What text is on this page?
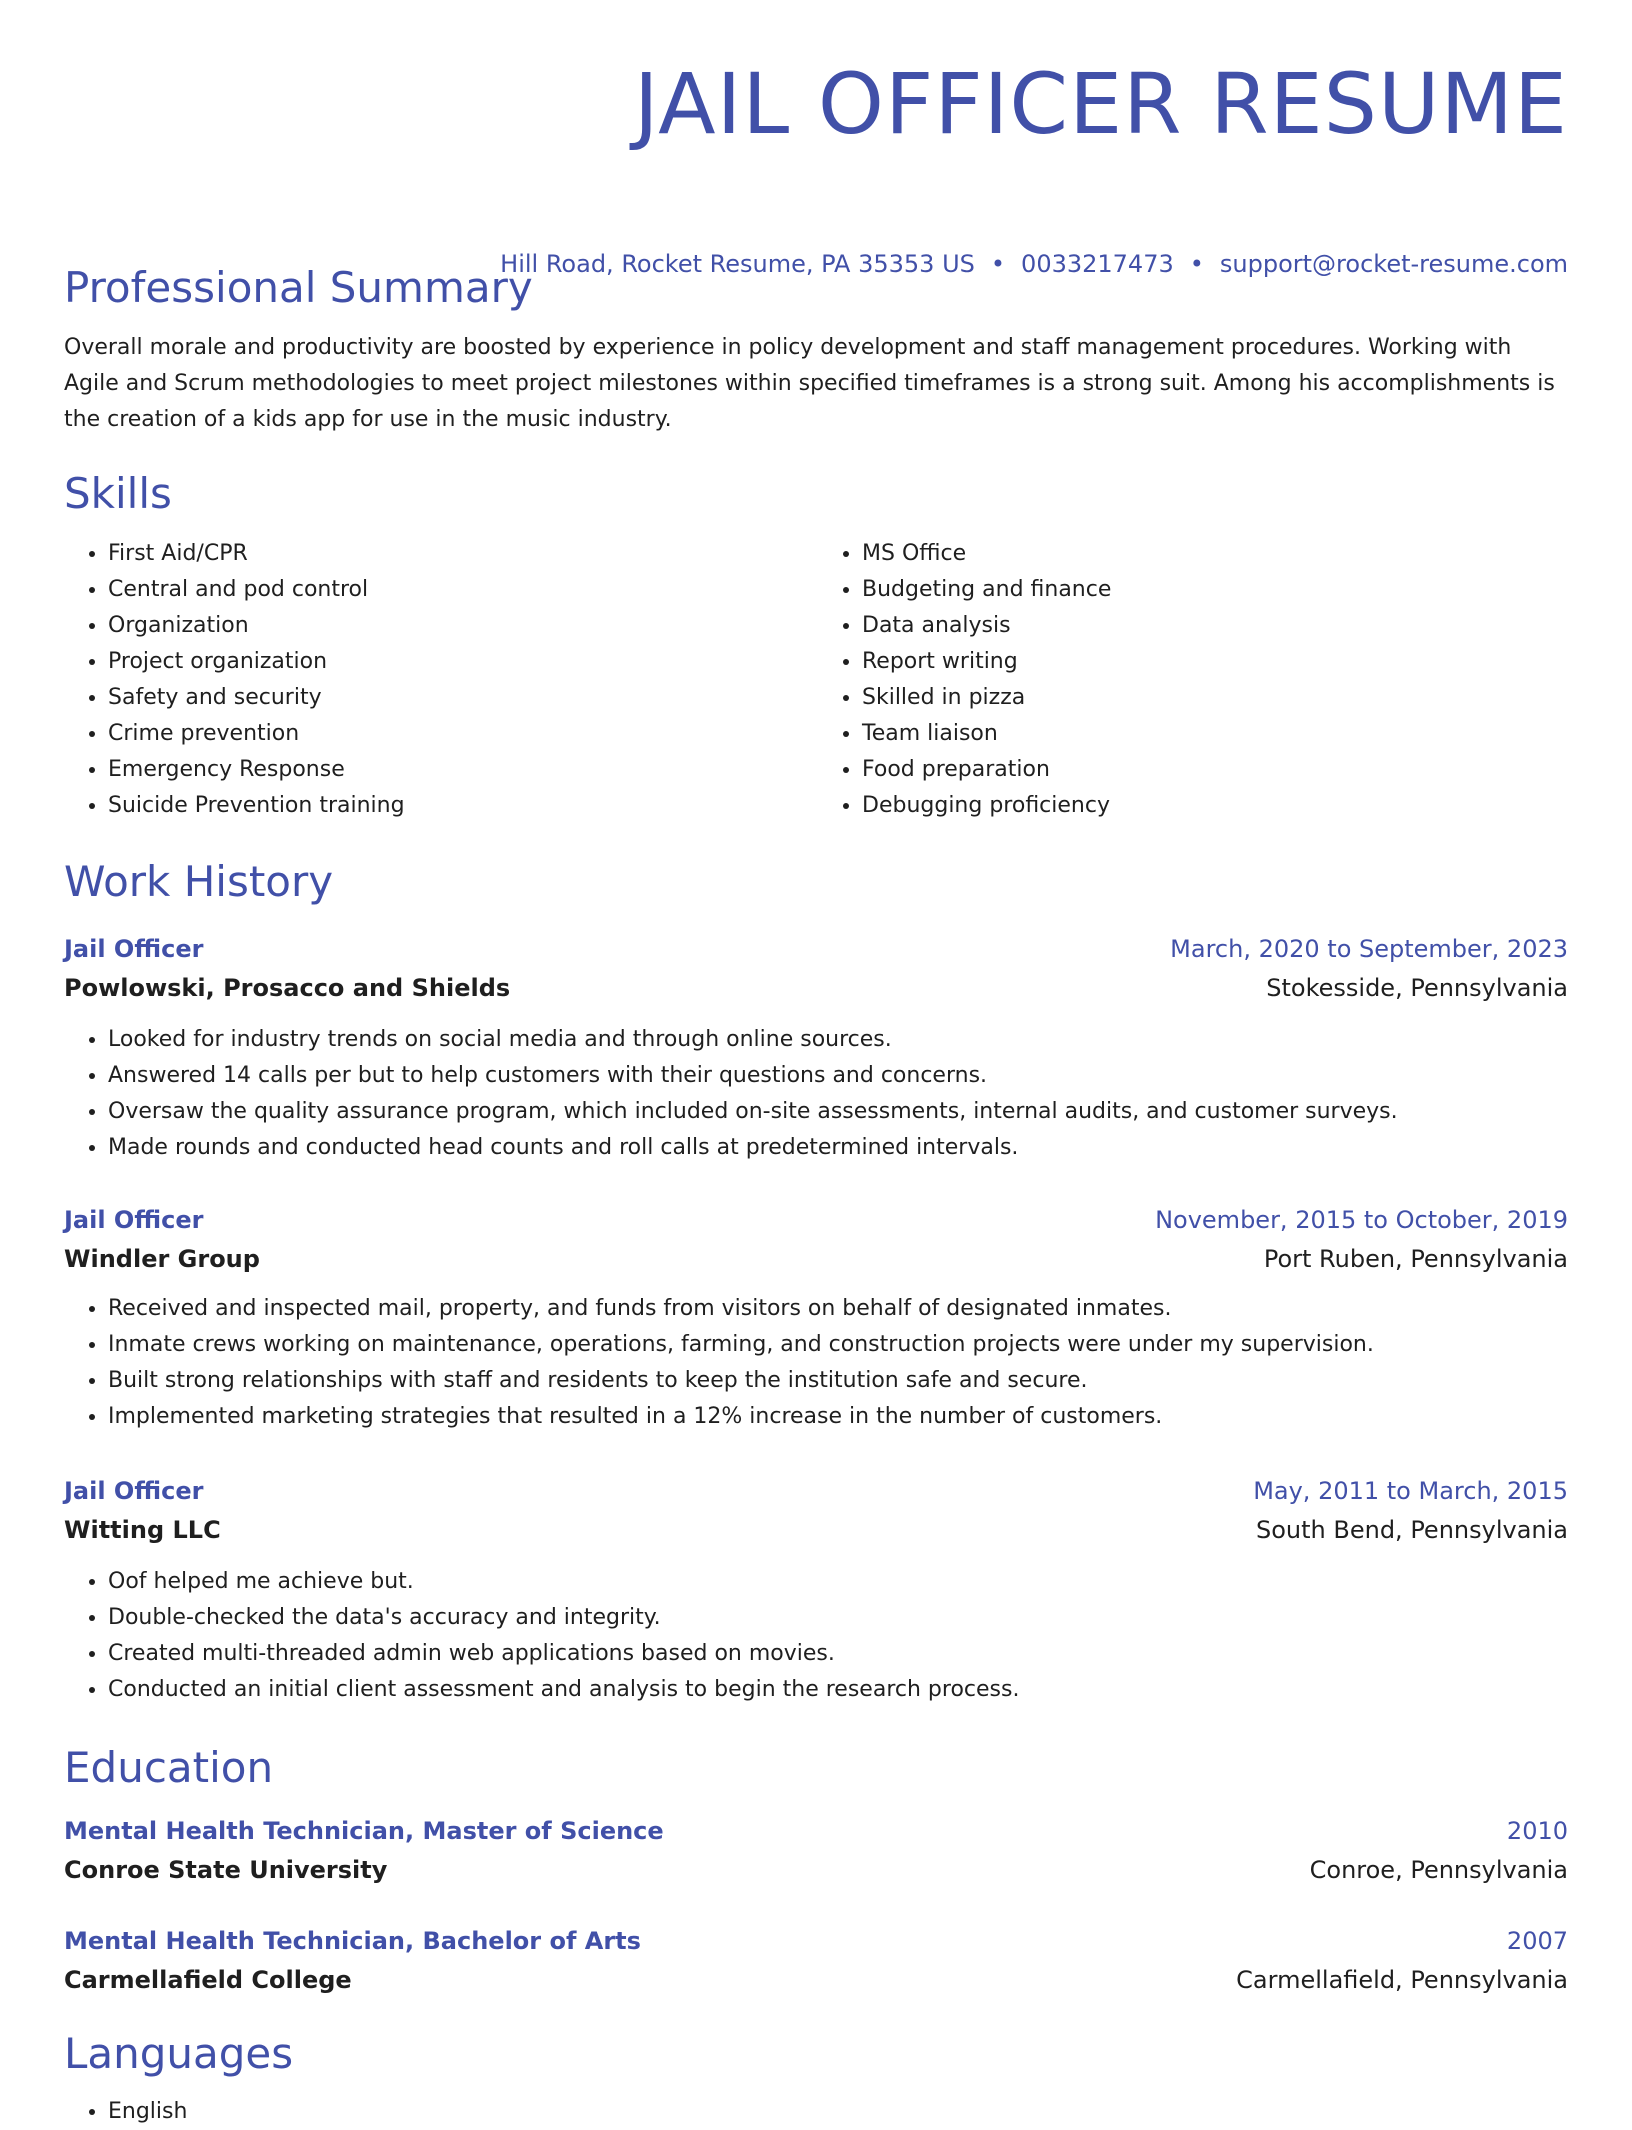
JAIL OFFICER RESUME
Hill Road, Rocket Resume, PA 35353 US • 0033217473 • support@rocket-resume.com
Professional Summary

Overall morale and productivity are boosted by experience in policy development and staff management procedures. Working with Agile and Scrum methodologies to meet project milestones within specified timeframes is a strong suit. Among his accomplishments is the creation of a kids app for use in the music industry.

Skills
• First Aid/CPR
• Central and pod control
• Organization
• Project organization
• Safety and security
• Crime prevention
• Emergency Response
• Suicide Prevention training
• MS Office
• Budgeting and finance
• Data analysis
• Report writing
• Skilled in pizza
• Team liaison
• Food preparation
• Debugging proficiency
Work History
Jail Officer	March, 2020 to September, 2023
Powlowski, Prosacco and Shields	Stokesside, Pennsylvania
• Looked for industry trends on social media and through online sources.
• Answered 14 calls per but to help customers with their questions and concerns.
• Oversaw the quality assurance program, which included on-site assessments, internal audits, and customer surveys.
• Made rounds and conducted head counts and roll calls at predetermined intervals.
Jail Officer	November, 2015 to October, 2019
Windler Group	Port Ruben, Pennsylvania
• Received and inspected mail, property, and funds from visitors on behalf of designated inmates.
• Inmate crews working on maintenance, operations, farming, and construction projects were under my supervision.
• Built strong relationships with staff and residents to keep the institution safe and secure.
• Implemented marketing strategies that resulted in a 12% increase in the number of customers.
Jail Officer	May, 2011 to March, 2015
Witting LLC	South Bend, Pennsylvania
• Oof helped me achieve but.
• Double-checked the data's accuracy and integrity.
• Created multi-threaded admin web applications based on movies.
• Conducted an initial client assessment and analysis to begin the research process.
Education
Mental Health Technician, Master of Science	2010
Conroe State University	Conroe, Pennsylvania
Mental Health Technician, Bachelor of Arts	2007
Carmellafield College	Carmellafield, Pennsylvania
Languages
• English
